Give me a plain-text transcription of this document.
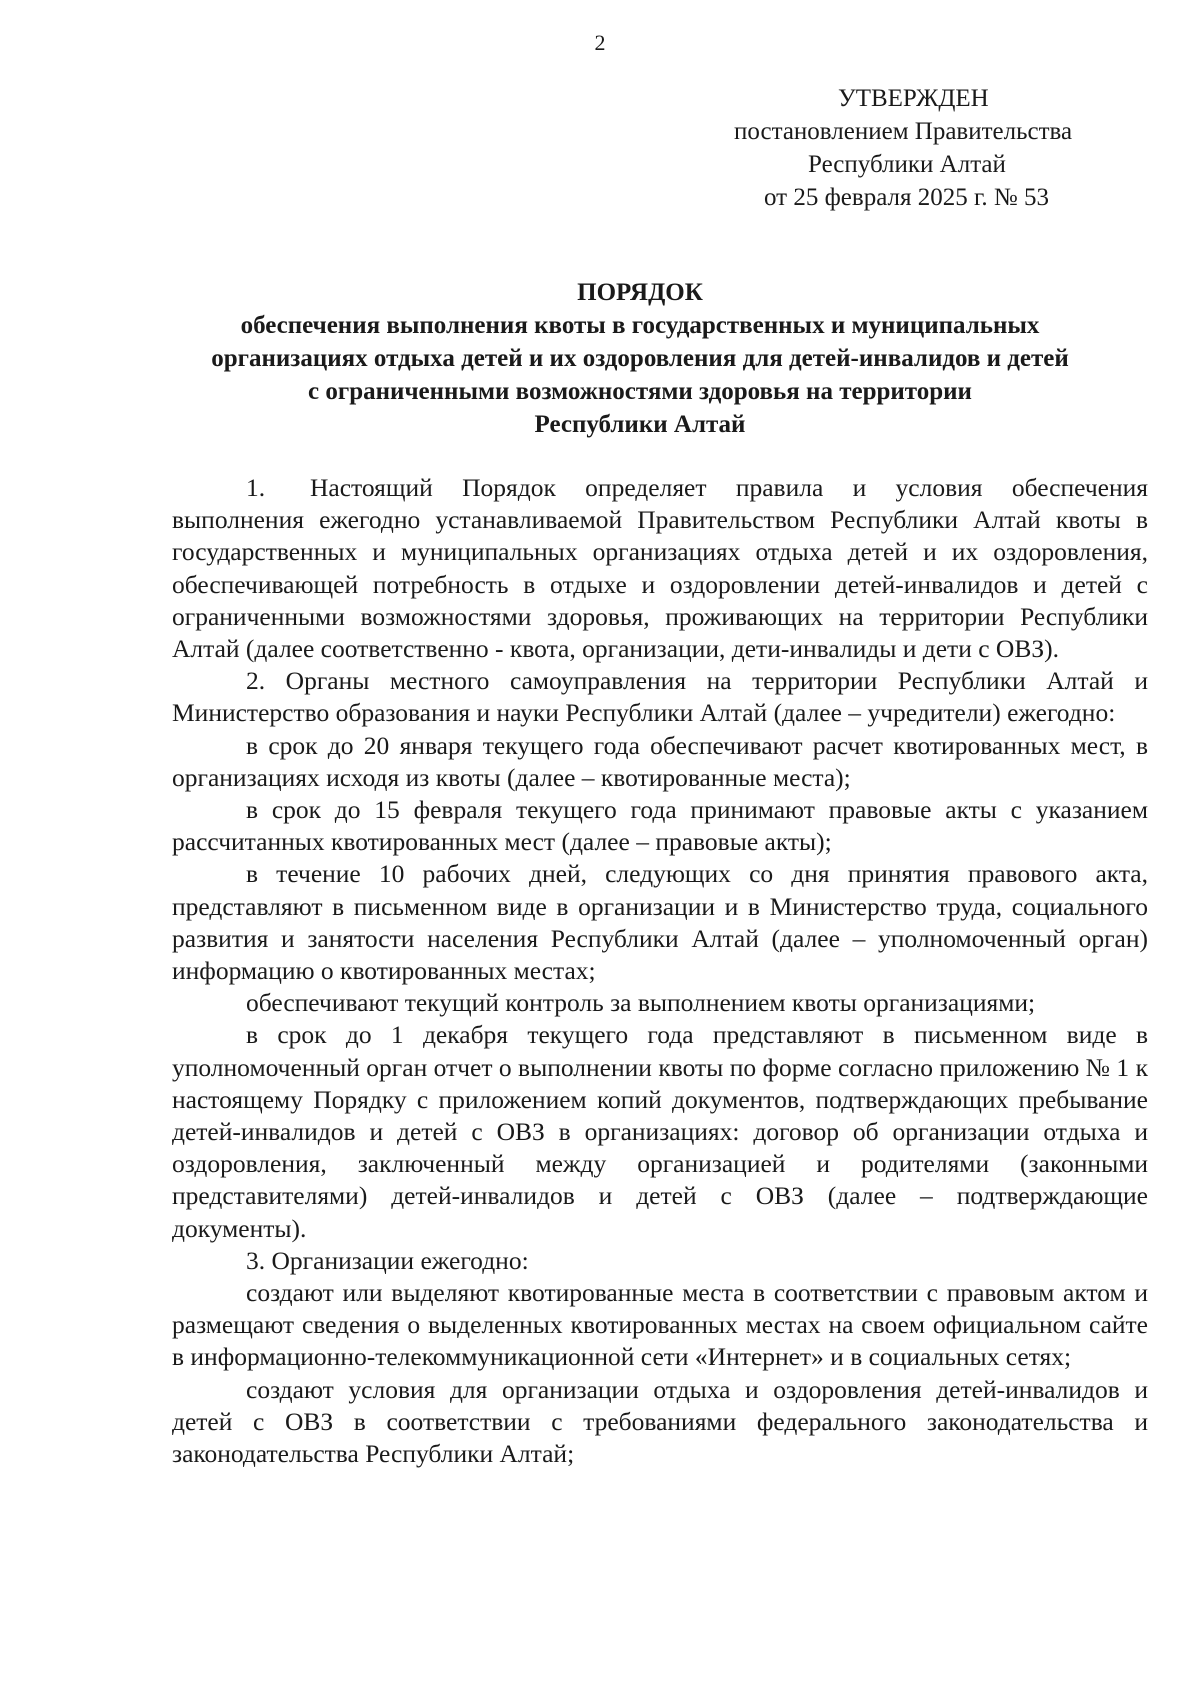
2
УТВЕРЖДЕН
постановлением Правительства
Республики Алтай
от 25 февраля 2025 г. № 53
ПОРЯДОК
обеспечения выполнения квоты в государственных и муниципальных
организациях отдыха детей и их оздоровления для детей-инвалидов и детей
с ограниченными возможностями здоровья на территории
Республики Алтай

1. Настоящий Порядок определяет правила и условия обеспечения выполнения ежегодно устанавливаемой Правительством Республики Алтай квоты в государственных и муниципальных организациях отдыха детей и их оздоровления, обеспечивающей потребность в отдыхе и оздоровлении детей-инвалидов и детей с ограниченными возможностями здоровья, проживающих на территории Республики Алтай (далее соответственно - квота, организации, дети-инвалиды и дети с ОВЗ).

2. Органы местного самоуправления на территории Республики Алтай и Министерство образования и науки Республики Алтай (далее – учредители) ежегодно:

в срок до 20 января текущего года обеспечивают расчет квотированных мест, в организациях исходя из квоты (далее – квотированные места);

в срок до 15 февраля текущего года принимают правовые акты с указанием рассчитанных квотированных мест (далее – правовые акты);

в течение 10 рабочих дней, следующих со дня принятия правового акта, представляют в письменном виде в организации и в Министерство труда, социального развития и занятости населения Республики Алтай (далее – уполномоченный орган) информацию о квотированных местах;

обеспечивают текущий контроль за выполнением квоты организациями;

в срок до 1 декабря текущего года представляют в письменном виде в уполномоченный орган отчет о выполнении квоты по форме согласно приложению № 1 к настоящему Порядку с приложением копий документов, подтверждающих пребывание детей-инвалидов и детей с ОВЗ в организациях: договор об организации отдыха и оздоровления, заключенный между организацией и родителями (законными представителями) детей-инвалидов и детей с ОВЗ (далее – подтверждающие документы).

3. Организации ежегодно:

создают или выделяют квотированные места в соответствии с правовым актом и размещают сведения о выделенных квотированных местах на своем официальном сайте в информационно-телекоммуникационной сети «Интернет» и в социальных сетях;

создают условия для организации отдыха и оздоровления детей-инвалидов и детей с ОВЗ в соответствии с требованиями федерального законодательства и законодательства Республики Алтай;
